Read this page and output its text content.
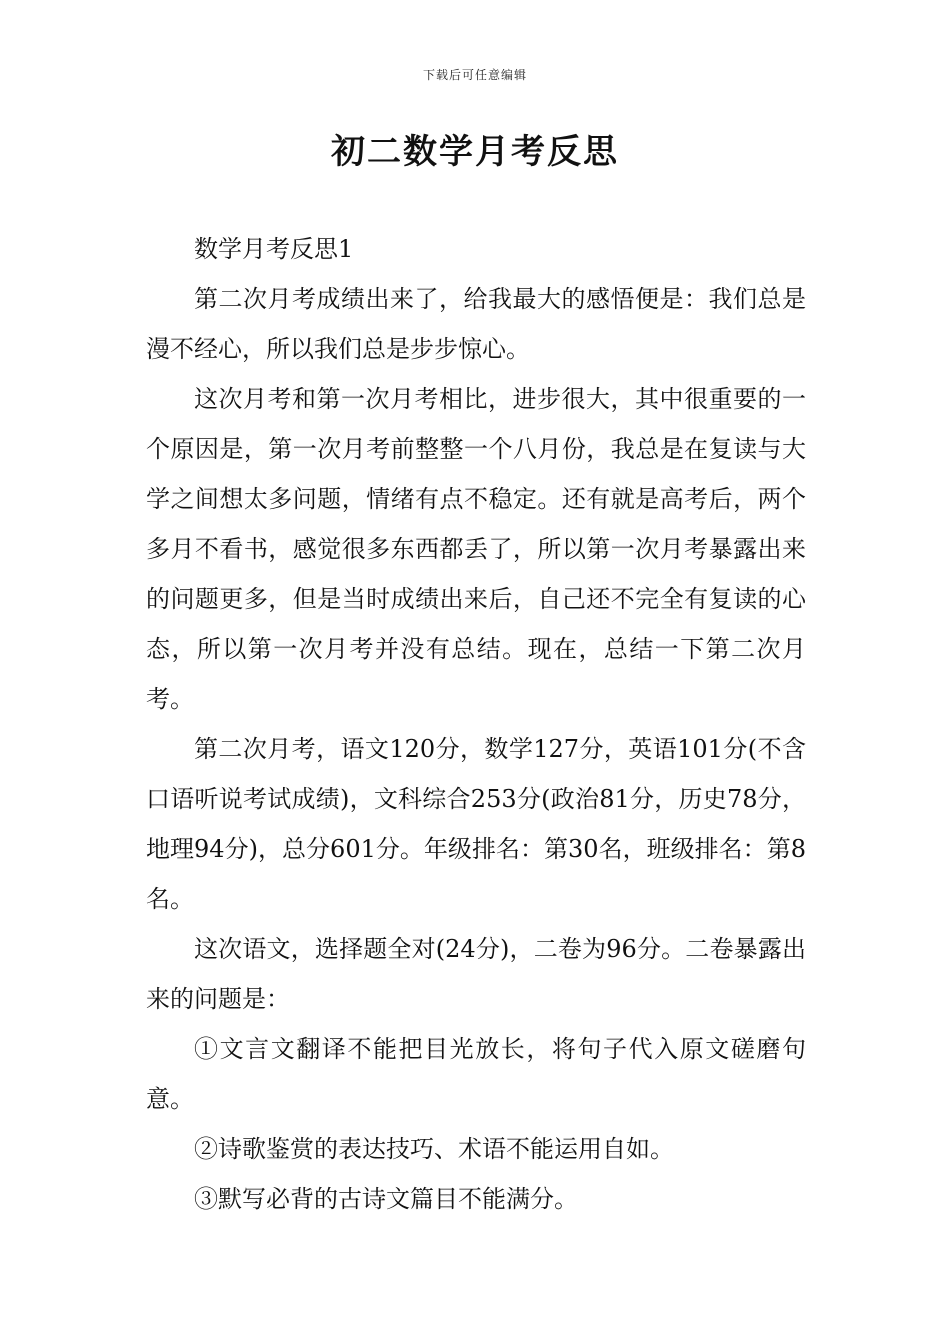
下载后可任意编辑
初二数学月考反思

数学月考反思1

第二次月考成绩出来了，给我最大的感悟便是：我们总是漫不经心，所以我们总是步步惊心。

这次月考和第一次月考相比，进步很大，其中很重要的一个原因是，第一次月考前整整一个八月份，我总是在复读与大学之间想太多问题，情绪有点不稳定。还有就是高考后，两个多月不看书，感觉很多东西都丢了，所以第一次月考暴露出来的问题更多，但是当时成绩出来后，自己还不完全有复读的心态，所以第一次月考并没有总结。现在，总结一下第二次月考。

第二次月考，语文120分，数学127分，英语101分(不含口语听说考试成绩)，文科综合253分(政治81分，历史78分，地理94分)，总分601分。年级排名：第30名，班级排名：第8名。

这次语文，选择题全对(24分)，二卷为96分。二卷暴露出来的问题是：

①文言文翻译不能把目光放长，将句子代入原文磋磨句意。

②诗歌鉴赏的表达技巧、术语不能运用自如。

③默写必背的古诗文篇目不能满分。
